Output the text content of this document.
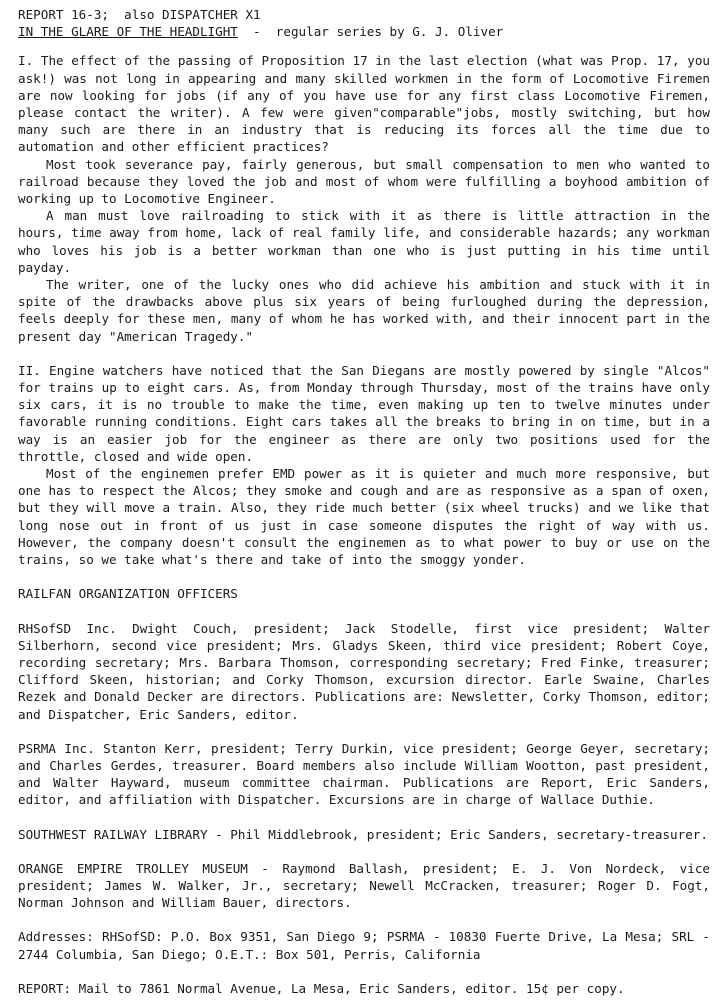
REPORT 16-3;  also DISPATCHER X1
IN THE GLARE OF THE HEADLIGHT  -  regular series by G. J. Oliver

I. The effect of the passing of Proposition 17 in the last election (what was Prop. 17, you ask!) was not long in appearing and many skilled workmen in the form of Locomotive Firemen are now looking for jobs (if any of you have use for any first class Locomotive Firemen, please contact the writer). A few were given"comparable"jobs, mostly switching, but how many such are there in an industry that is reducing its forces all the time due to automation and other efficient practices?

Most took severance pay, fairly generous, but small compensation to men who wanted to railroad because they loved the job and most of whom were fulfilling a boyhood ambition of working up to Locomotive Engineer.

A man must love railroading to stick with it as there is little attraction in the hours, time away from home, lack of real family life, and considerable hazards; any workman who loves his job is a better workman than one who is just putting in his time until payday.

The writer, one of the lucky ones who did achieve his ambition and stuck with it in spite of the drawbacks above plus six years of being furloughed during the depression, feels deeply for these men, many of whom he has worked with, and their innocent part in the present day "American Tragedy."

II. Engine watchers have noticed that the San Diegans are mostly powered by single "Alcos" for trains up to eight cars. As, from Monday through Thursday, most of the trains have only six cars, it is no trouble to make the time, even making up ten to twelve minutes under favorable running conditions. Eight cars takes all the breaks to bring in on time, but in a way is an easier job for the engineer as there are only two positions used for the throttle, closed and wide open.

Most of the enginemen prefer EMD power as it is quieter and much more responsive, but one has to respect the Alcos; they smoke and cough and are as responsive as a span of oxen, but they will move a train. Also, they ride much better (six wheel trucks) and we like that long nose out in front of us just in case someone disputes the right of way with us. However, the company doesn't consult the enginemen as to what power to buy or use on the trains, so we take what's there and take of into the smoggy yonder.

RAILFAN ORGANIZATION OFFICERS

RHSofSD Inc. Dwight Couch, president; Jack Stodelle, first vice president; Walter Silberhorn, second vice president; Mrs. Gladys Skeen, third vice president; Robert Coye, recording secretary; Mrs. Barbara Thomson, corresponding secretary; Fred Finke, treasurer; Clifford Skeen, historian; and Corky Thomson, excursion director. Earle Swaine, Charles Rezek and Donald Decker are directors. Publications are: Newsletter, Corky Thomson, editor; and Dispatcher, Eric Sanders, editor.

PSRMA Inc. Stanton Kerr, president; Terry Durkin, vice president; George Geyer, secretary; and Charles Gerdes, treasurer. Board members also include William Wootton, past president, and Walter Hayward, museum committee chairman. Publications are Report, Eric Sanders, editor, and affiliation with Dispatcher. Excursions are in charge of Wallace Duthie.

SOUTHWEST RAILWAY LIBRARY - Phil Middlebrook, president; Eric Sanders, secretary-treasurer.

ORANGE EMPIRE TROLLEY MUSEUM - Raymond Ballash, president; E. J. Von Nordeck, vice president; James W. Walker, Jr., secretary; Newell McCracken, treasurer; Roger D. Fogt, Norman Johnson and William Bauer, directors.

Addresses: RHSofSD: P.O. Box 9351, San Diego 9; PSRMA - 10830 Fuerte Drive, La Mesa; SRL - 2744 Columbia, San Diego; O.E.T.: Box 501, Perris, California

REPORT: Mail to 7861 Normal Avenue, La Mesa, Eric Sanders, editor. 15¢ per copy.
